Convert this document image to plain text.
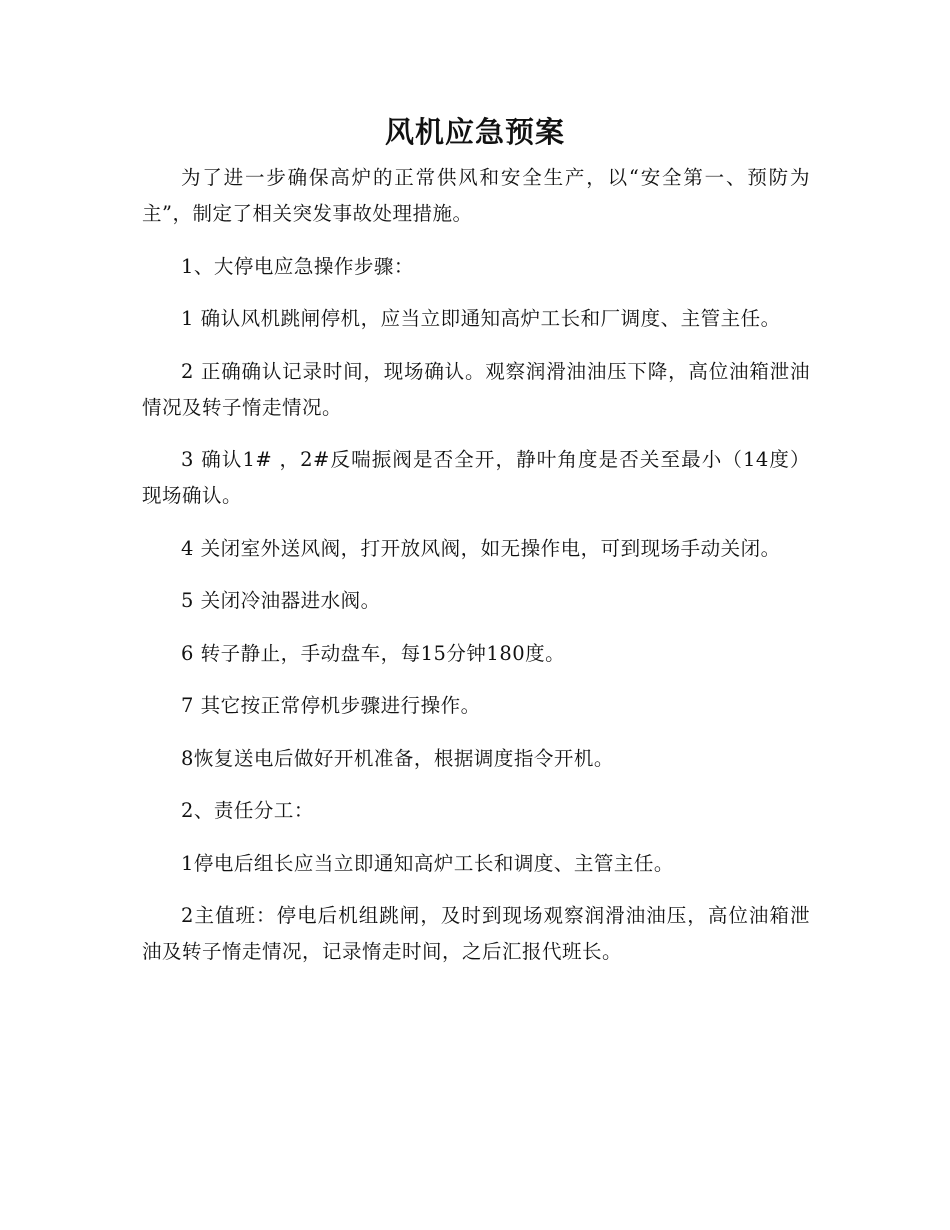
风机应急预案

为了进一步确保高炉的正常供风和安全生产，以“安全第一、预防为主”，制定了相关突发事故处理措施。

1、大停电应急操作步骤：

1 确认风机跳闸停机，应当立即通知高炉工长和厂调度、主管主任。

2 正确确认记录时间，现场确认。观察润滑油油压下降，高位油箱泄油情况及转子惰走情况。

3 确认1# ，2#反喘振阀是否全开，静叶角度是否关至最小（14度） 现场确认。

4 关闭室外送风阀，打开放风阀，如无操作电，可到现场手动关闭。

5 关闭冷油器进水阀。

6 转子静止，手动盘车，每15分钟180度。

7 其它按正常停机步骤进行操作。

8恢复送电后做好开机准备，根据调度指令开机。

2、责任分工：

1停电后组长应当立即通知高炉工长和调度、主管主任。

2主值班：停电后机组跳闸，及时到现场观察润滑油油压，高位油箱泄油及转子惰走情况，记录惰走时间，之后汇报代班长。
